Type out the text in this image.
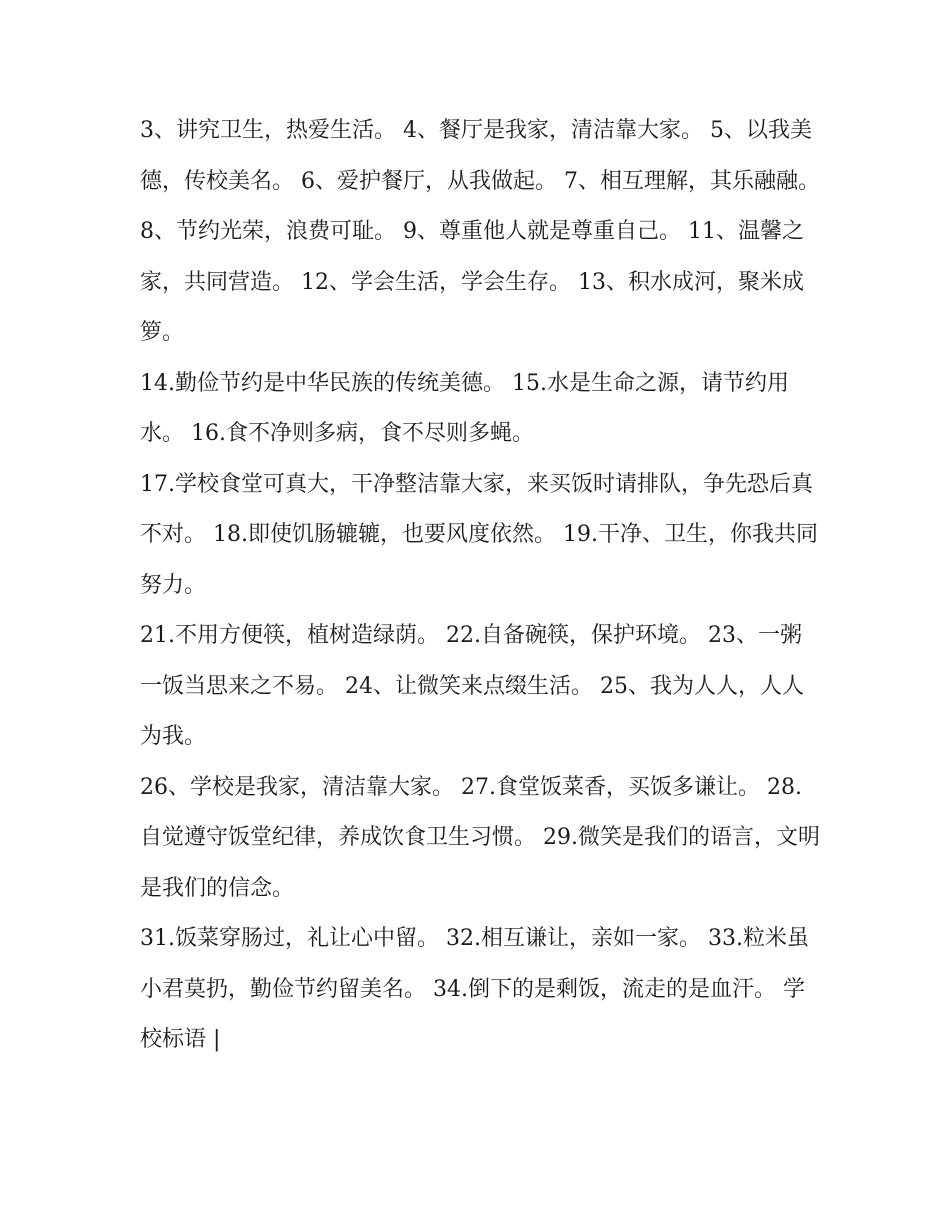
3、讲究卫生，热爱生活。 4、餐厅是我家，清洁靠大家。 5、以我美德，传校美名。 6、爱护餐厅，从我做起。 7、相互理解，其乐融融。

8、节约光荣，浪费可耻。 9、尊重他人就是尊重自己。 11、温馨之家，共同营造。 12、学会生活，学会生存。 13、积水成河，聚米成箩。

14.勤俭节约是中华民族的传统美德。 15.水是生命之源，请节约用水。 16.食不净则多病，食不尽则多蝇。

17.学校食堂可真大，干净整洁靠大家，来买饭时请排队，争先恐后真不对。 18.即使饥肠辘辘，也要风度依然。 19.干净、卫生，你我共同努力。

21.不用方便筷，植树造绿荫。 22.自备碗筷，保护环境。 23、一粥一饭当思来之不易。 24、让微笑来点缀生活。 25、我为人人，人人为我。

26、学校是我家，清洁靠大家。 27.食堂饭菜香，买饭多谦让。 28.自觉遵守饭堂纪律，养成饮食卫生习惯。 29.微笑是我们的语言，文明是我们的信念。

31.饭菜穿肠过，礼让心中留。 32.相互谦让，亲如一家。 33.粒米虽小君莫扔，勤俭节约留美名。 34.倒下的是剩饭，流走的是血汗。 学校标语 |
